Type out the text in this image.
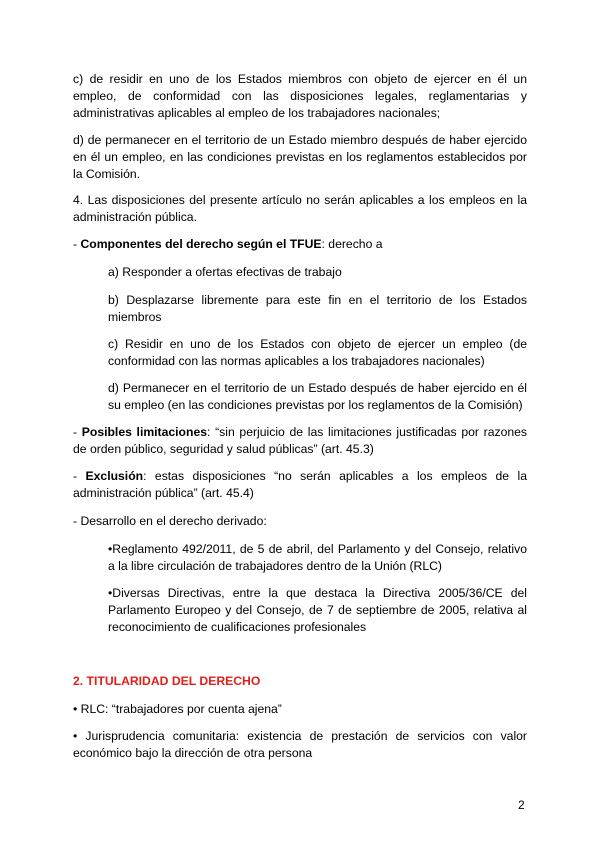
c) de residir en uno de los Estados miembros con objeto de ejercer en él un empleo, de conformidad con las disposiciones legales, reglamentarias y administrativas aplicables al empleo de los trabajadores nacionales;

d) de permanecer en el territorio de un Estado miembro después de haber ejercido en él un empleo, en las condiciones previstas en los reglamentos establecidos por la Comisión.

4. Las disposiciones del presente artículo no serán aplicables a los empleos en la administración pública.

- Componentes del derecho según el TFUE: derecho a

a) Responder a ofertas efectivas de trabajo

b) Desplazarse libremente para este fin en el territorio de los Estados miembros

c) Residir en uno de los Estados con objeto de ejercer un empleo (de conformidad con las normas aplicables a los trabajadores nacionales)

d) Permanecer en el territorio de un Estado después de haber ejercido en él su empleo (en las condiciones previstas por los reglamentos de la Comisión)

- Posibles limitaciones: “sin perjuicio de las limitaciones justificadas por razones de orden público, seguridad y salud públicas” (art. 45.3)

- Exclusión: estas disposiciones “no serán aplicables a los empleos de la administración pública” (art. 45.4)

- Desarrollo en el derecho derivado:

•Reglamento 492/2011, de 5 de abril, del Parlamento y del Consejo, relativo a la libre circulación de trabajadores dentro de la Unión (RLC)

•Diversas Directivas, entre la que destaca la Directiva 2005/36/CE del Parlamento Europeo y del Consejo, de 7 de septiembre de 2005, relativa al reconocimiento de cualificaciones profesionales

2. TITULARIDAD DEL DERECHO

• RLC: “trabajadores por cuenta ajena”

• Jurisprudencia comunitaria: existencia de prestación de servicios con valor económico bajo la dirección de otra persona

2
